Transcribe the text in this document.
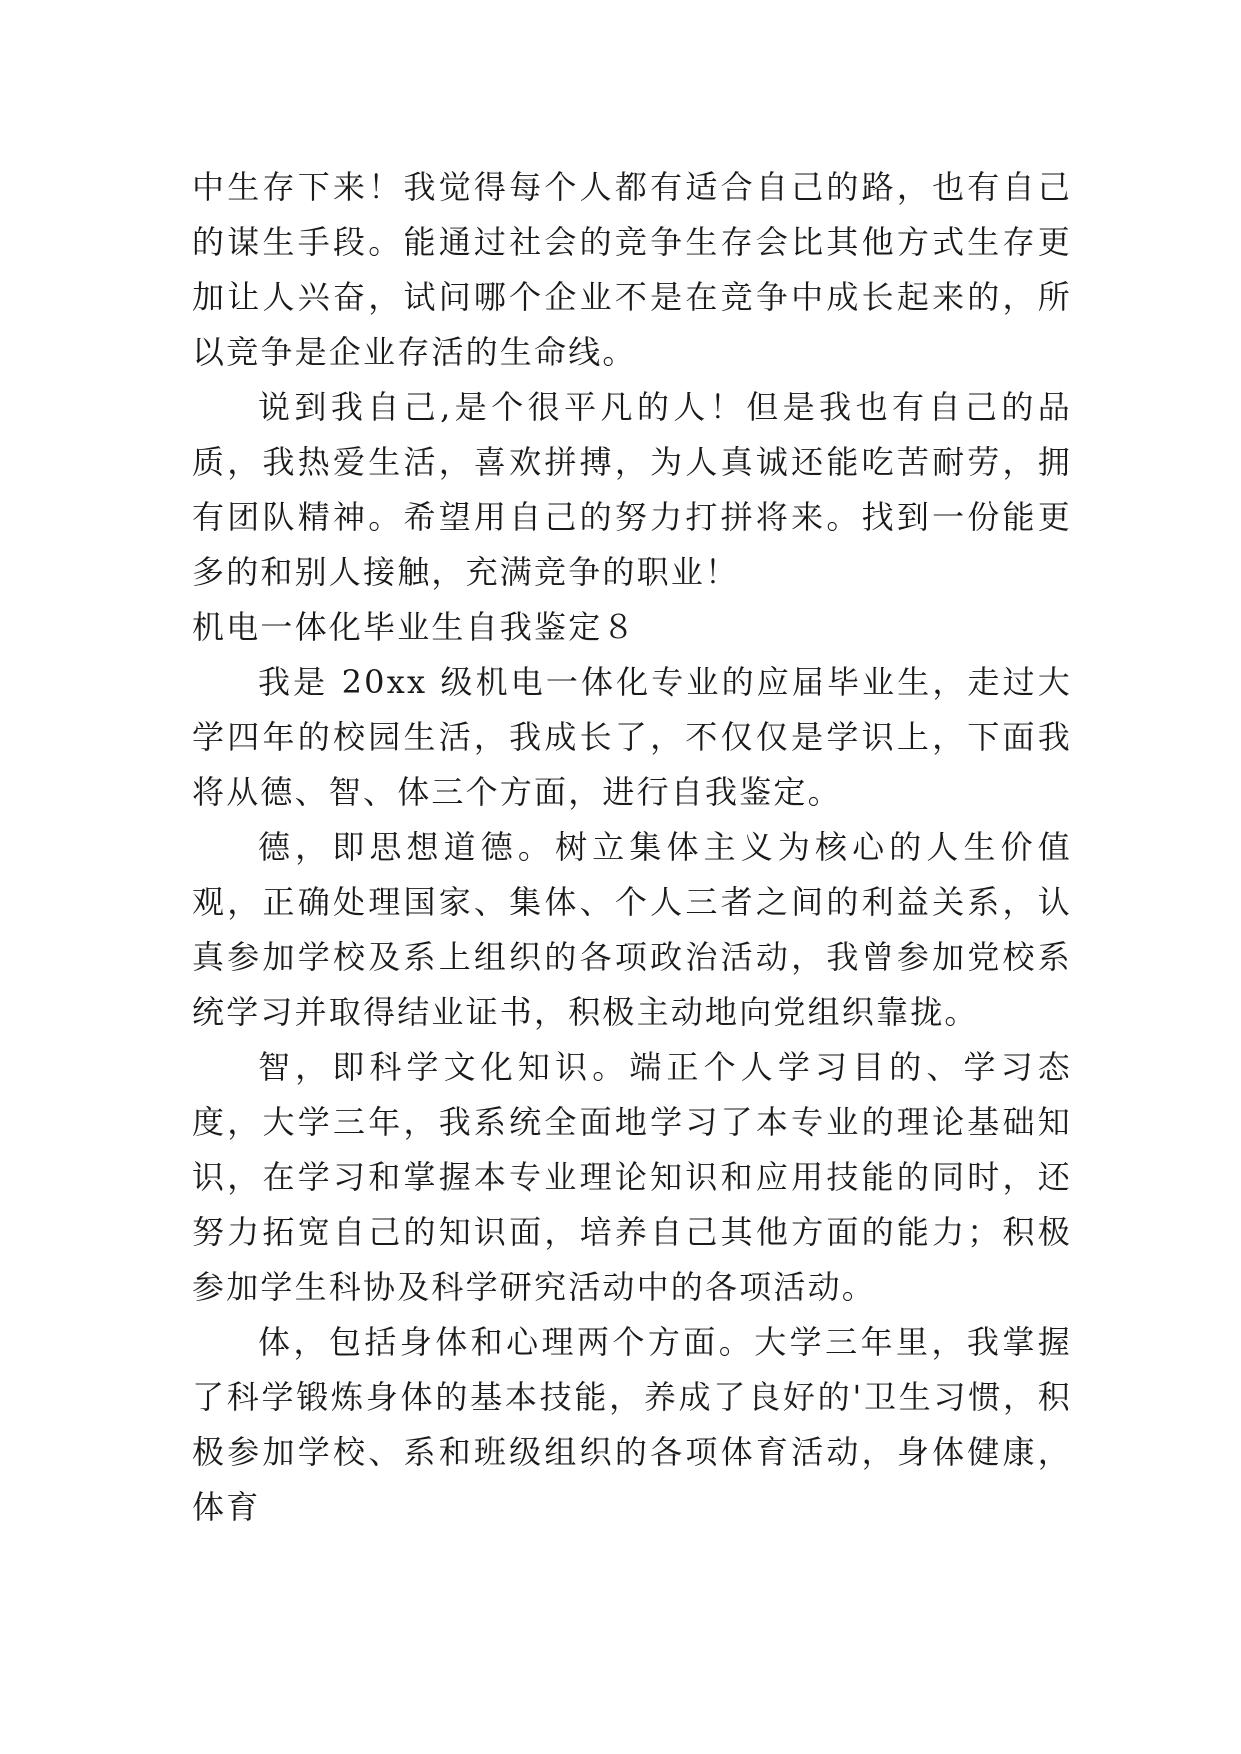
中生存下来！我觉得每个人都有适合自己的路，也有自己的谋生手段。能通过社会的竞争生存会比其他方式生存更加让人兴奋，试问哪个企业不是在竞争中成长起来的，所以竞争是企业存活的生命线。

说到我自己,是个很平凡的人！但是我也有自己的品质，我热爱生活，喜欢拼搏，为人真诚还能吃苦耐劳，拥有团队精神。希望用自己的努力打拼将来。找到一份能更多的和别人接触，充满竞争的职业！

机电一体化毕业生自我鉴定８

我是 20xx 级机电一体化专业的应届毕业生，走过大学四年的校园生活，我成长了，不仅仅是学识上，下面我将从德、智、体三个方面，进行自我鉴定。

德，即思想道德。树立集体主义为核心的人生价值观，正确处理国家、集体、个人三者之间的利益关系，认真参加学校及系上组织的各项政治活动，我曾参加党校系统学习并取得结业证书，积极主动地向党组织靠拢。

智，即科学文化知识。端正个人学习目的、学习态度，大学三年，我系统全面地学习了本专业的理论基础知识，在学习和掌握本专业理论知识和应用技能的同时，还努力拓宽自己的知识面，培养自己其他方面的能力；积极参加学生科协及科学研究活动中的各项活动。

体，包括身体和心理两个方面。大学三年里，我掌握了科学锻炼身体的基本技能，养成了良好的'卫生习惯，积极参加学校、系和班级组织的各项体育活动，身体健康，体育
